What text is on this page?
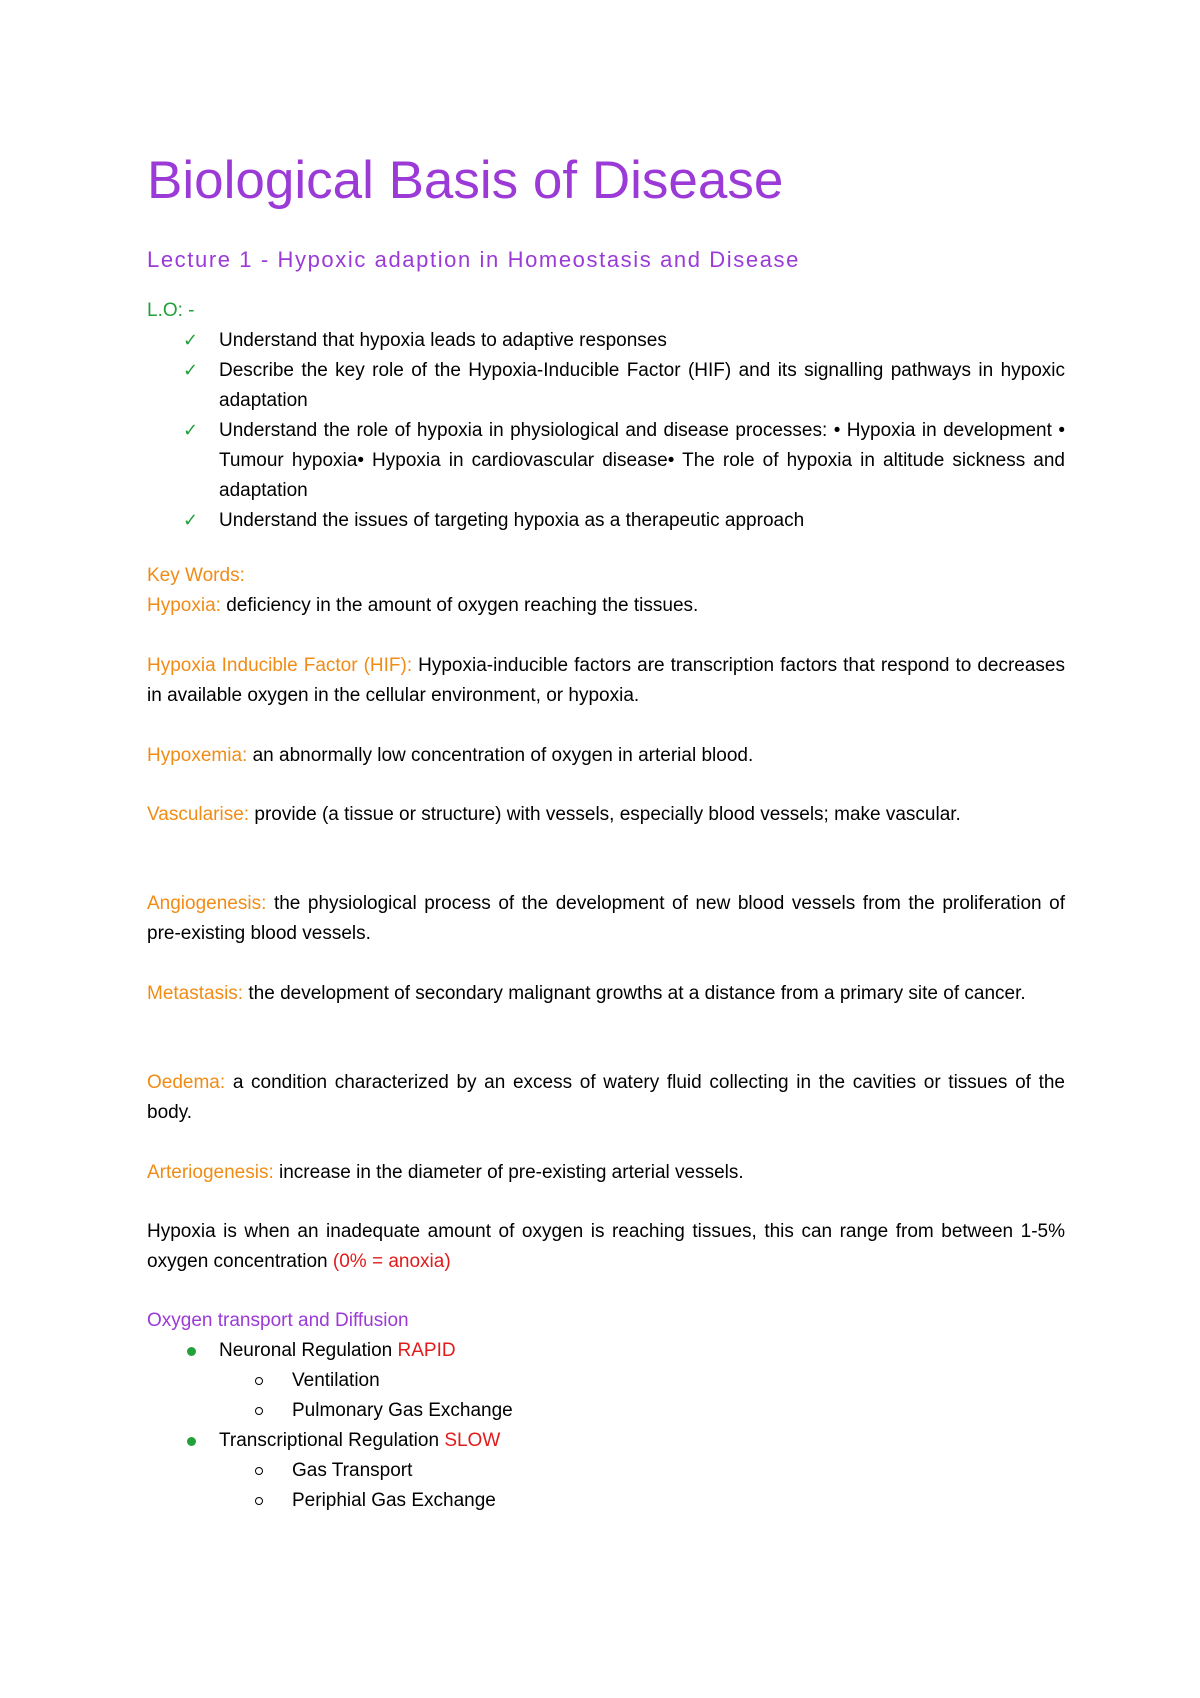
Biological Basis of Disease
Lecture 1 - Hypoxic adaption in Homeostasis and Disease
L.O: -
✓ Understand that hypoxia leads to adaptive responses
✓ Describe the key role of the Hypoxia-Inducible Factor (HIF) and its signalling pathways in hypoxic adaptation
✓ Understand the role of hypoxia in physiological and disease processes: • Hypoxia in development • Tumour hypoxia• Hypoxia in cardiovascular disease• The role of hypoxia in altitude sickness and adaptation
✓ Understand the issues of targeting hypoxia as a therapeutic approach
Key Words:
Hypoxia: deficiency in the amount of oxygen reaching the tissues.
Hypoxia Inducible Factor (HIF): Hypoxia-inducible factors are transcription factors that respond to decreases in available oxygen in the cellular environment, or hypoxia.
Hypoxemia: an abnormally low concentration of oxygen in arterial blood.
Vascularise: provide (a tissue or structure) with vessels, especially blood vessels; make vascular.
Angiogenesis: the physiological process of the development of new blood vessels from the proliferation of pre-existing blood vessels.
Metastasis: the development of secondary malignant growths at a distance from a primary site of cancer.
Oedema: a condition characterized by an excess of watery fluid collecting in the cavities or tissues of the body.
Arteriogenesis: increase in the diameter of pre-existing arterial vessels.
Hypoxia is when an inadequate amount of oxygen is reaching tissues, this can range from between 1-5% oxygen concentration (0% = anoxia)
Oxygen transport and Diffusion
Neuronal Regulation RAPID
Ventilation
Pulmonary Gas Exchange
Transcriptional Regulation SLOW
Gas Transport
Periphial Gas Exchange
